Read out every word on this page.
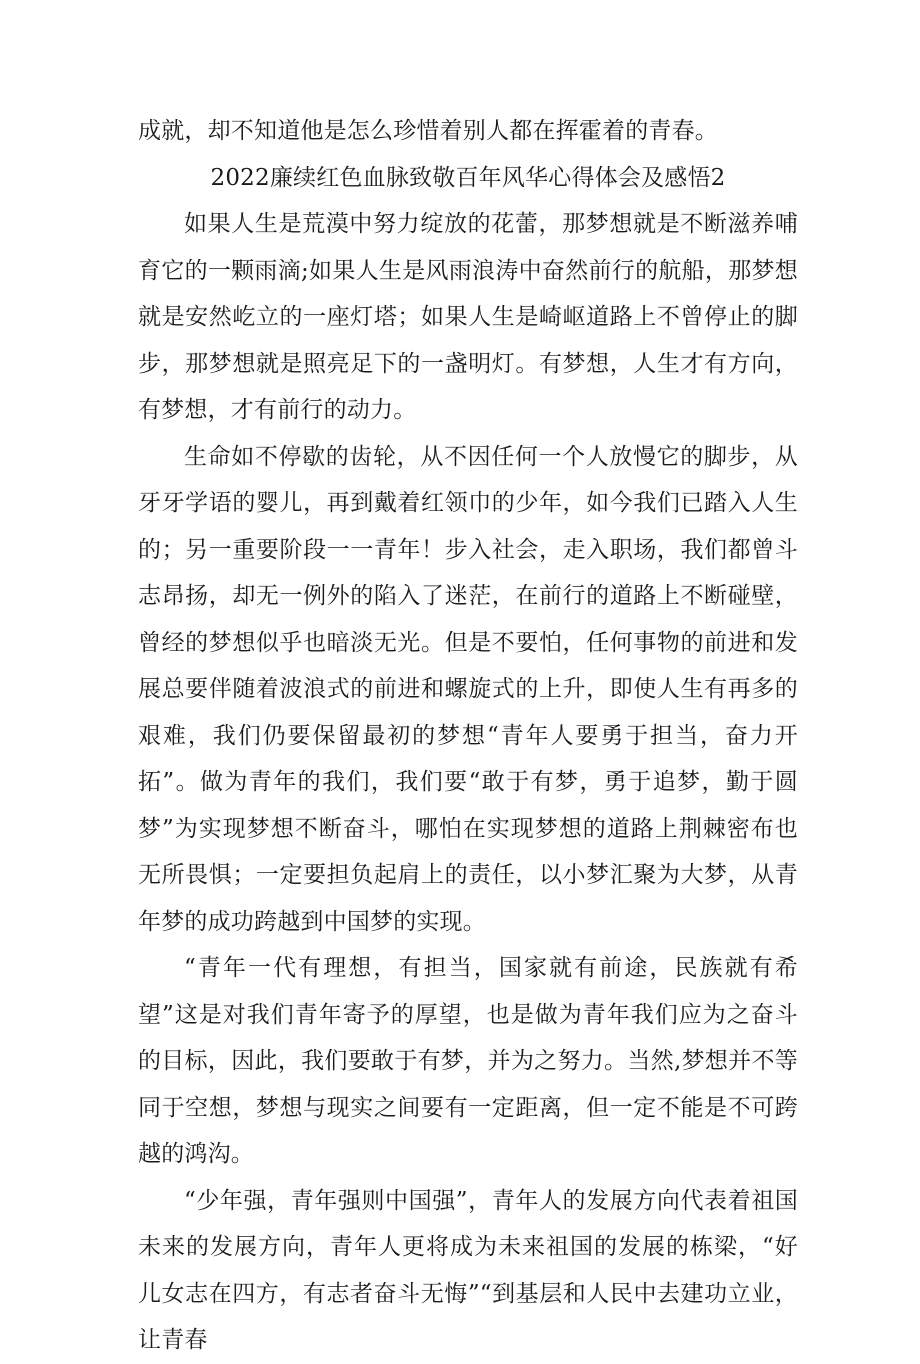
成就，却不知道他是怎么珍惜着别人都在挥霍着的青春。

2022廉续红色血脉致敬百年风华心得体会及感悟2

如果人生是荒漠中努力绽放的花蕾，那梦想就是不断滋养哺育它的一颗雨滴;如果人生是风雨浪涛中奋然前行的航船，那梦想就是安然屹立的一座灯塔；如果人生是崎岖道路上不曾停止的脚步，那梦想就是照亮足下的一盏明灯。有梦想，人生才有方向，有梦想，才有前行的动力。

生命如不停歇的齿轮，从不因任何一个人放慢它的脚步，从牙牙学语的婴儿，再到戴着红领巾的少年，如今我们已踏入人生的；另一重要阶段一一青年！步入社会，走入职场，我们都曾斗志昂扬，却无一例外的陷入了迷茫，在前行的道路上不断碰壁，曾经的梦想似乎也暗淡无光。但是不要怕，任何事物的前进和发展总要伴随着波浪式的前进和螺旋式的上升，即使人生有再多的艰难，我们仍要保留最初的梦想“青年人要勇于担当，奋力开拓”。做为青年的我们，我们要“敢于有梦，勇于追梦，勤于圆梦”为实现梦想不断奋斗，哪怕在实现梦想的道路上荆棘密布也无所畏惧；一定要担负起肩上的责任，以小梦汇聚为大梦，从青年梦的成功跨越到中国梦的实现。

“青年一代有理想，有担当，国家就有前途，民族就有希望”这是对我们青年寄予的厚望，也是做为青年我们应为之奋斗的目标，因此，我们要敢于有梦，并为之努力。当然,梦想并不等同于空想，梦想与现实之间要有一定距离，但一定不能是不可跨越的鸿沟。

“少年强，青年强则中国强”，青年人的发展方向代表着祖国未来的发展方向，青年人更将成为未来祖国的发展的栋梁，“好儿女志在四方，有志者奋斗无悔”“到基层和人民中去建功立业，让青春
